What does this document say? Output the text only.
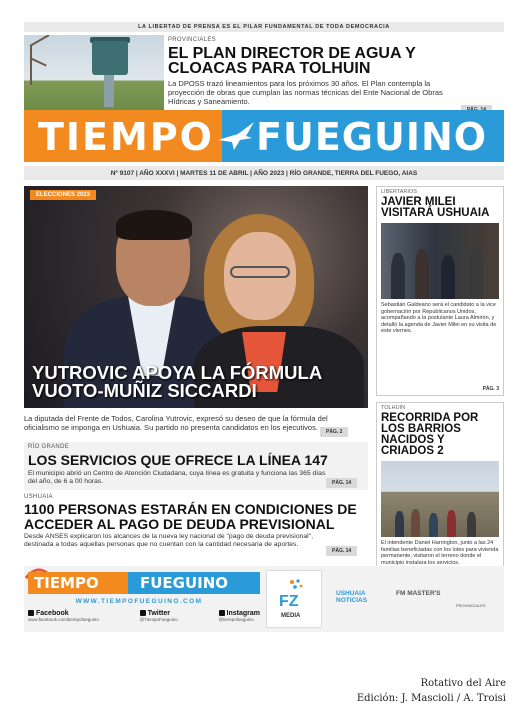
LA LIBERTAD DE PRENSA ES EL PILAR FUNDAMENTAL DE TODA DEMOCRACIA
PROVINCIALES
EL PLAN DIRECTOR DE AGUA Y CLOACAS PARA TOLHUIN
La DPOSS trazó lineamientos para los próximos 30 años. El Plan contempla la proyección de obras que cumplan las normas técnicas del Ente Nacional de Obras Hídricas y Saneamiento.
TIEMPO FUEGUINO
Nº 9107 | AÑO XXXVI | MARTES 11 DE ABRIL | AÑO 2023 | RÍO GRANDE, TIERRA DEL FUEGO, AIAS
ELECCIONES 2023
YUTROVIC APOYA LA FÓRMULA VUOTO-MUÑIZ SICCARDI
La diputada del Frente de Todos, Carolina Yutrovic, expresó su deseo de que la fórmula del oficialismo se imponga en Ushuaia. Su partido no presenta candidatos en los ejecutivos.	PÁG. 2
LIBERTARIOS
JAVIER MILEI VISITARÁ USHUAIA
Sebastián Galdeano será el candidato a la vice gobernación por Republicanos Unidos, acompañando a la postulante Laura Almirón, y detalló la agenda de Javier Milei en su visita de este viernes.
PÁG. 3
TOLHUIN
RECORRIDA POR LOS BARRIOS NACIDOS Y CRIADOS 2
El intendente Daniel Harrington, junto a las 24 familias beneficiadas con los lotes para vivienda permanente, visitaron el terreno donde el municipio instalara los servicios.
RÍO GRANDE
LOS SERVICIOS QUE OFRECE LA LÍNEA 147
El municipio abrió un Centro de Atención Ciudadana, cuya línea es gratuita y funciona las 365 días del año, de 6 a 00 horas.	PÁG. 14
USHUAIA
1100 PERSONAS ESTARÁN EN CONDICIONES DE ACCEDER AL PAGO DE DEUDA PREVISIONAL
Desde ANSES explicaron los alcances de la nueva ley nacional de "pago de deuda previsional", destinada a todas aquellas personas que no cuentan con la cantidad necesaria de aportes.
PÁG. 14
TIEMPO	FUEGUINO
WWW.TIEMPOFUEGUINO.COM
Facebook
www.facebook.com/tiempofueguino
Twitter
@TiempoFueguino
Instagram
@tiempofueguino
FZ
MEDIA
USHUAIA NOTICIAS
FM MASTER'S
PROVINCIALES
Rotativo del Aire
Edición: J. Mascioli / A. Troisi
